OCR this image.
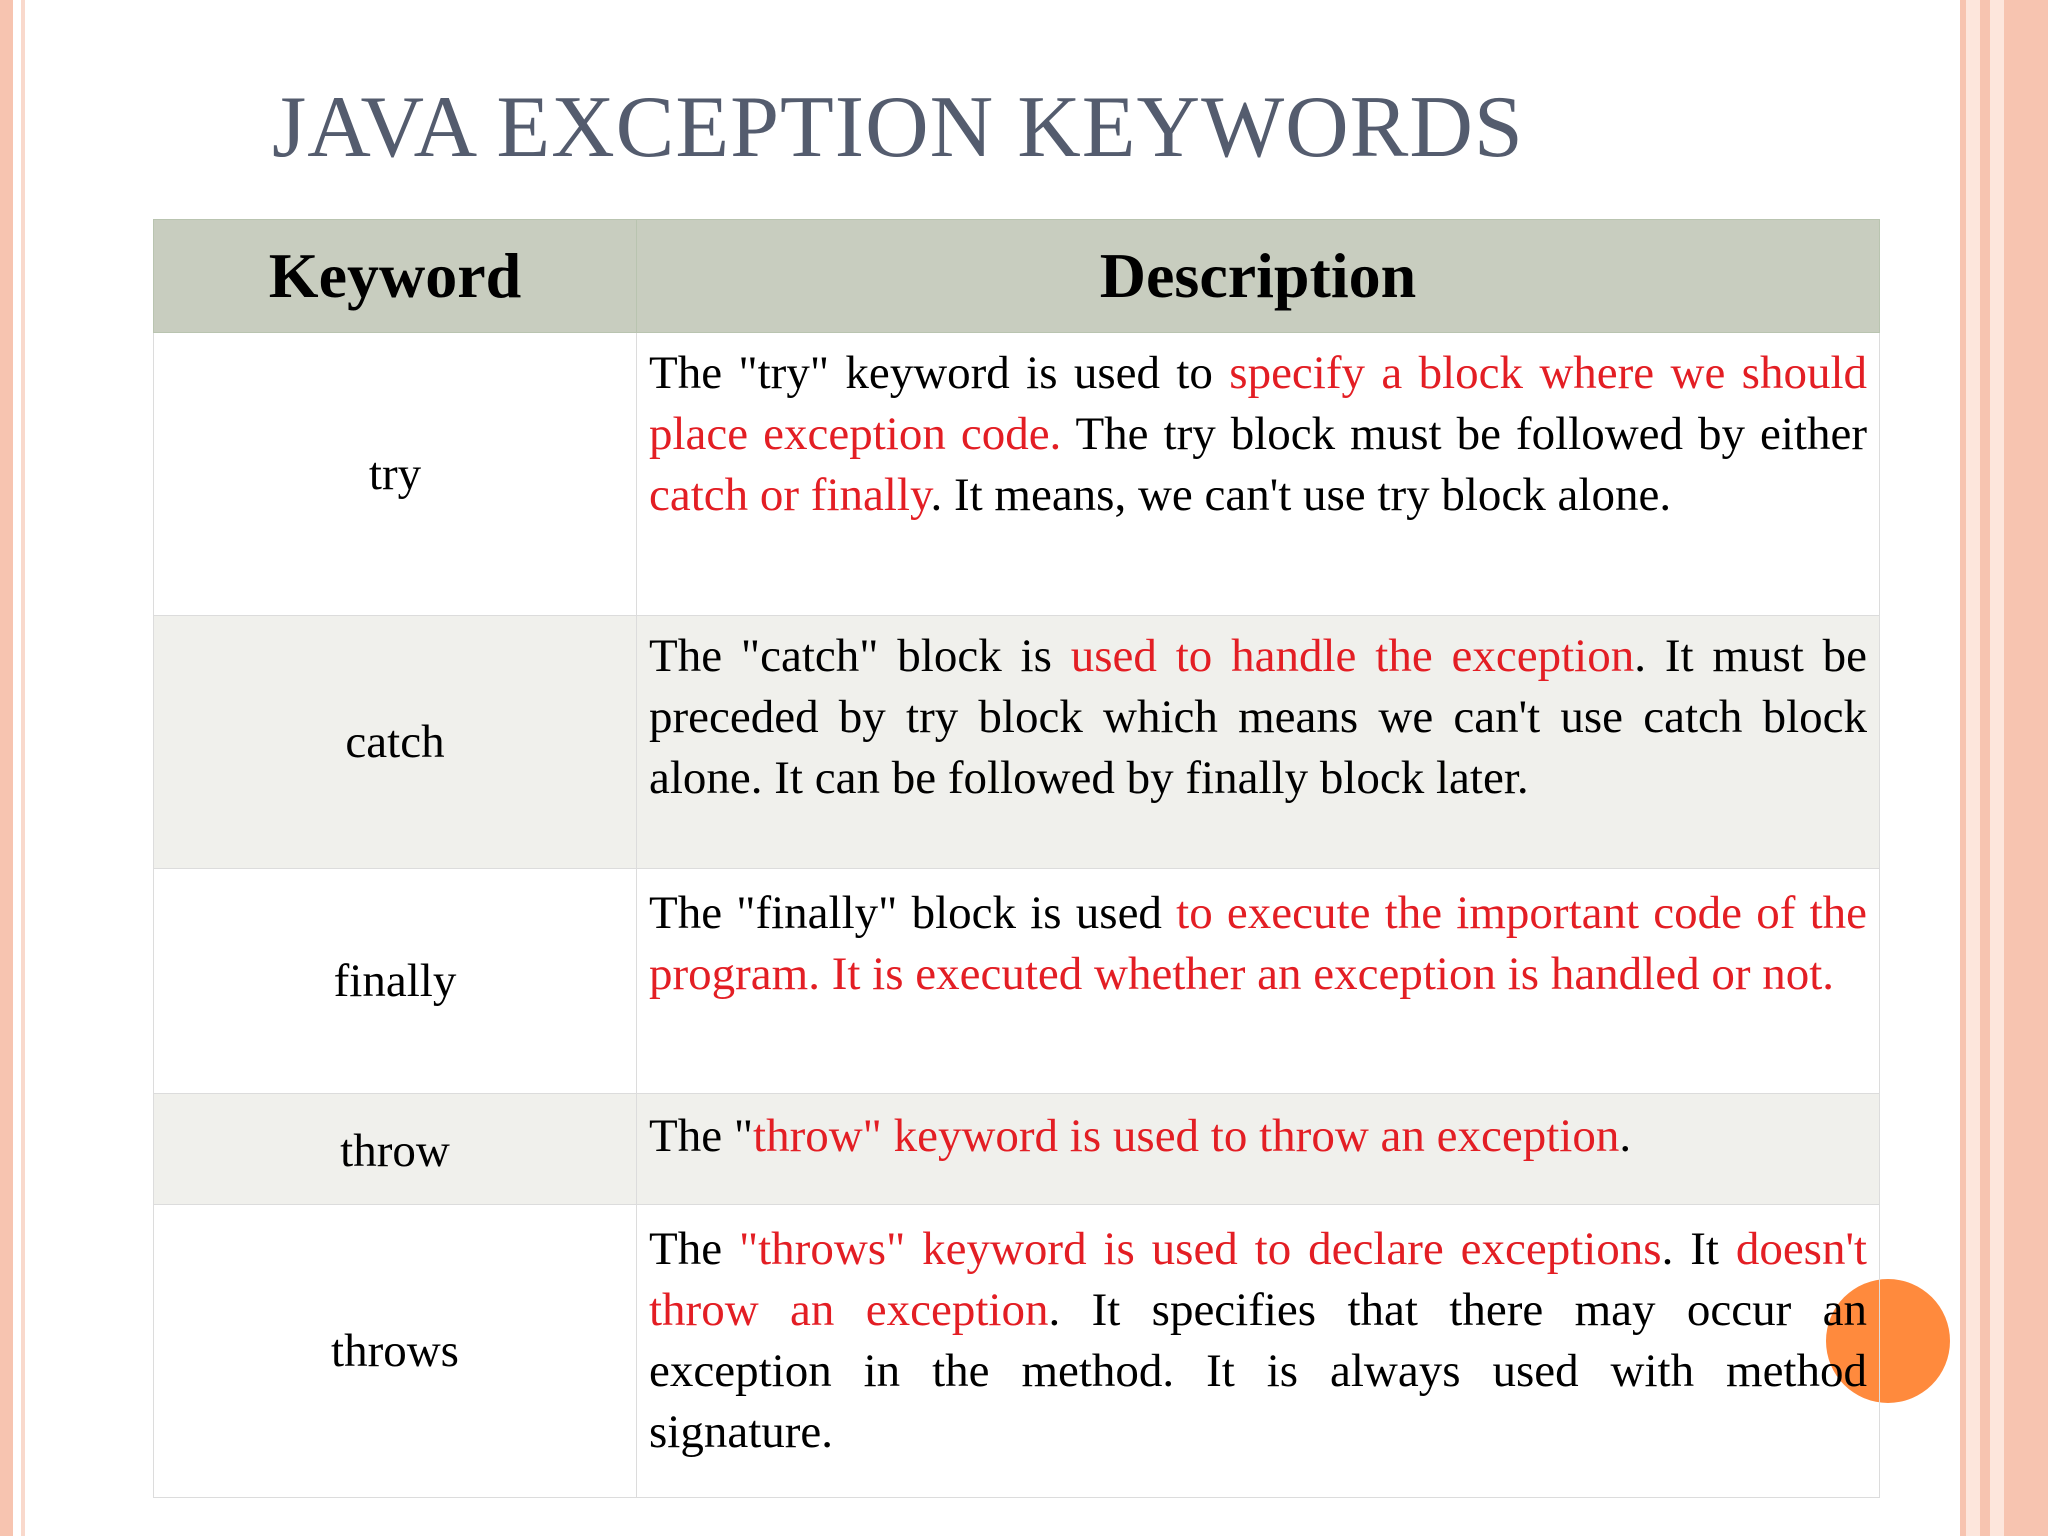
JAVA EXCEPTION KEYWORDS
Keyword	Description
try	The "try" keyword is used to specify a block where we should place exception code. The try block must be followed by either catch or finally. It means, we can't use try block alone.
catch	The "catch" block is used to handle the exception. It must be preceded by try block which means we can't use catch block alone. It can be followed by finally block later.
finally	The "finally" block is used to execute the important code of the program. It is executed whether an exception is handled or not.
throw	The "throw" keyword is used to throw an exception.
throws	The "throws" keyword is used to declare exceptions. It doesn't throw an exception. It specifies that there may occur an exception in the method. It is always used with method signature.
